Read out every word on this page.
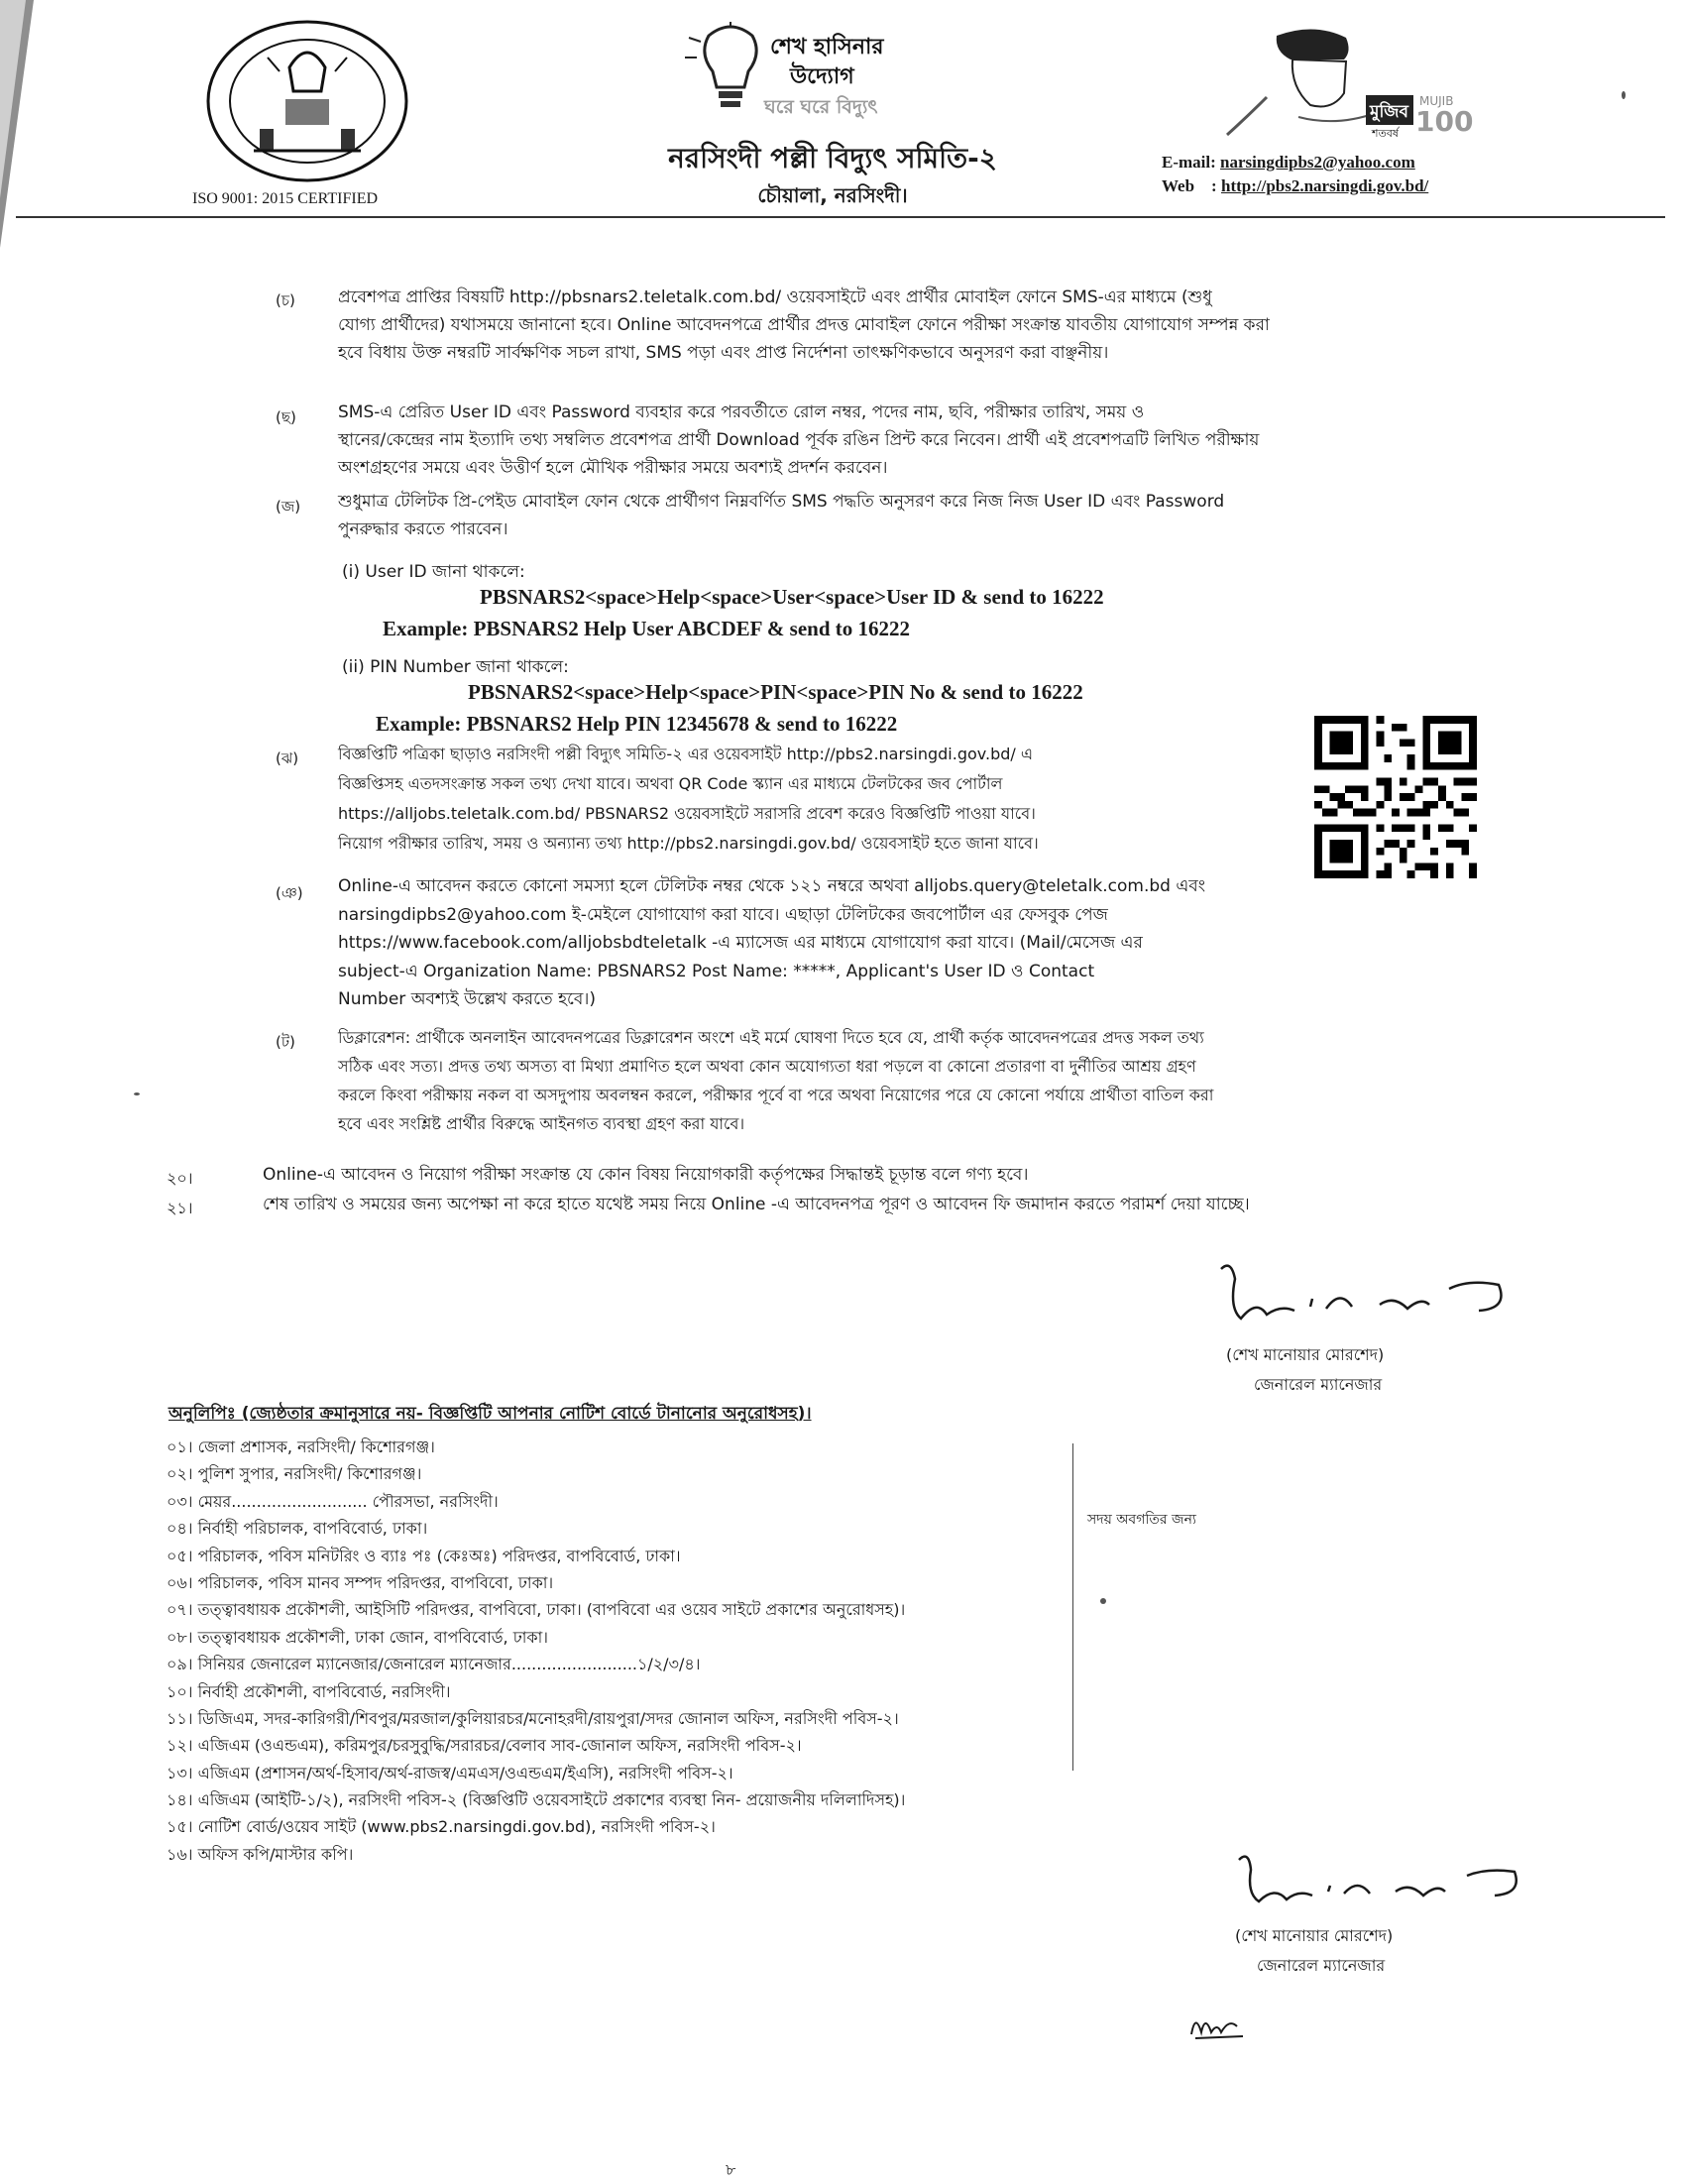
ISO 9001: 2015 CERTIFIED
শেখ হাসিনার
উদ্যোগ
ঘরে ঘরে বিদ্যুৎ
নরসিংদী পল্লী বিদ্যুৎ সমিতি-২
চৌয়ালা, নরসিংদী।
মুজিব
শতবর্ষ
MUJIB
100
E-mail: narsingdipbs2@yahoo.com
Web    : http://pbs2.narsingdi.gov.bd/
(চ)	প্রবেশপত্র প্রাপ্তির বিষয়টি http://pbsnars2.teletalk.com.bd/ ওয়েবসাইটে এবং প্রার্থীর মোবাইল ফোনে SMS-এর মাধ্যমে (শুধু

যোগ্য প্রার্থীদের) যথাসময়ে জানানো হবে। Online আবেদনপত্রে প্রার্থীর প্রদত্ত মোবাইল ফোনে পরীক্ষা সংক্রান্ত যাবতীয় যোগাযোগ সম্পন্ন করা

হবে বিধায় উক্ত নম্বরটি সার্বক্ষণিক সচল রাখা, SMS পড়া এবং প্রাপ্ত নির্দেশনা তাৎক্ষণিকভাবে অনুসরণ করা বাঞ্ছনীয়।

(ছ) SMS-এ প্রেরিত User ID এবং Password ব্যবহার করে পরবর্তীতে রোল নম্বর, পদের নাম, ছবি, পরীক্ষার তারিখ, সময় ও

স্থানের/কেন্দ্রের নাম ইত্যাদি তথ্য সম্বলিত প্রবেশপত্র প্রার্থী Download পূর্বক রঙিন প্রিন্ট করে নিবেন। প্রার্থী এই প্রবেশপত্রটি লিখিত পরীক্ষায়

অংশগ্রহণের সময়ে এবং উত্তীর্ণ হলে মৌখিক পরীক্ষার সময়ে অবশ্যই প্রদর্শন করবেন।

(জ) শুধুমাত্র টেলিটক প্রি-পেইড মোবাইল ফোন থেকে প্রার্থীগণ নিম্নবর্ণিত SMS পদ্ধতি অনুসরণ করে নিজ নিজ User ID এবং Password

পুনরুদ্ধার করতে পারবেন।

(i) User ID জানা থাকলে:
PBSNARS2<space>Help<space>User<space>User ID & send to 16222
Example: PBSNARS2 Help User ABCDEF & send to 16222
(ii) PIN Number জানা থাকলে:
PBSNARS2<space>Help<space>PIN<space>PIN No & send to 16222
Example: PBSNARS2 Help PIN 12345678 & send to 16222
(ঝ) বিজ্ঞপ্তিটি পত্রিকা ছাড়াও নরসিংদী পল্লী বিদ্যুৎ সমিতি-২ এর ওয়েবসাইট http://pbs2.narsingdi.gov.bd/ এ

বিজ্ঞপ্তিসহ এতদসংক্রান্ত সকল তথ্য দেখা যাবে। অথবা QR Code স্ক্যান এর মাধ্যমে টেলটকের জব পোর্টাল

https://alljobs.teletalk.com.bd/ PBSNARS2 ওয়েবসাইটে সরাসরি প্রবেশ করেও বিজ্ঞপ্তিটি পাওয়া যাবে।

নিয়োগ পরীক্ষার তারিখ, সময় ও অন্যান্য তথ্য http://pbs2.narsingdi.gov.bd/ ওয়েবসাইট হতে জানা যাবে।

(ঞ) Online-এ আবেদন করতে কোনো সমস্যা হলে টেলিটক নম্বর থেকে ১২১ নম্বরে অথবা alljobs.query@teletalk.com.bd এবং

narsingdipbs2@yahoo.com ই-মেইলে যোগাযোগ করা যাবে। এছাড়া টেলিটকের জবপোর্টাল এর ফেসবুক পেজ

https://www.facebook.com/alljobsbdteletalk -এ ম্যাসেজ এর মাধ্যমে যোগাযোগ করা যাবে। (Mail/মেসেজ এর

subject-এ Organization Name: PBSNARS2 Post Name: *****, Applicant's User ID ও Contact

Number অবশ্যই উল্লেখ করতে হবে।)

(ট)	ডিক্লারেশন: প্রার্থীকে অনলাইন আবেদনপত্রের ডিক্লারেশন অংশে এই মর্মে ঘোষণা দিতে হবে যে, প্রার্থী কর্তৃক আবেদনপত্রের প্রদত্ত সকল তথ্য

সঠিক এবং সত্য। প্রদত্ত তথ্য অসত্য বা মিথ্যা প্রমাণিত হলে অথবা কোন অযোগ্যতা ধরা পড়লে বা কোনো প্রতারণা বা দুর্নীতির আশ্রয় গ্রহণ

করলে কিংবা পরীক্ষায় নকল বা অসদুপায় অবলম্বন করলে, পরীক্ষার পূর্বে বা পরে অথবা নিয়োগের পরে যে কোনো পর্যায়ে প্রার্থীতা বাতিল করা

হবে এবং সংশ্লিষ্ট প্রার্থীর বিরুদ্ধে আইনগত ব্যবস্থা গ্রহণ করা যাবে।

২০।	Online-এ আবেদন ও নিয়োগ পরীক্ষা সংক্রান্ত যে কোন বিষয় নিয়োগকারী কর্তৃপক্ষের সিদ্ধান্তই চূড়ান্ত বলে গণ্য হবে।
২১।	শেষ তারিখ ও সময়ের জন্য অপেক্ষা না করে হাতে যথেষ্ট সময় নিয়ে Online -এ আবেদনপত্র পূরণ ও আবেদন ফি জমাদান করতে পরামর্শ দেয়া যাচ্ছে।
(শেখ মানোয়ার মোরশেদ)
জেনারেল ম্যানেজার
অনুলিপিঃ (জ্যেষ্ঠতার ক্রমানুসারে নয়- বিজ্ঞপ্তিটি আপনার নোটিশ বোর্ডে টানানোর অনুরোধসহ)।
০১। জেলা প্রশাসক, নরসিংদী/ কিশোরগঞ্জ।
০২। পুলিশ সুপার, নরসিংদী/ কিশোরগঞ্জ।
০৩। মেয়র........................... পৌরসভা, নরসিংদী।
০৪। নির্বাহী পরিচালক, বাপবিবোর্ড, ঢাকা।
০৫। পরিচালক, পবিস মনিটরিং ও ব্যাঃ পঃ (কেঃঅঃ) পরিদপ্তর, বাপবিবোর্ড, ঢাকা।
০৬। পরিচালক, পবিস মানব সম্পদ পরিদপ্তর, বাপবিবো, ঢাকা।
০৭। তত্ত্বাবধায়ক প্রকৌশলী, আইসিটি পরিদপ্তর, বাপবিবো, ঢাকা। (বাপবিবো এর ওয়েব সাইটে প্রকাশের অনুরোধসহ)।
০৮। তত্ত্বাবধায়ক প্রকৌশলী, ঢাকা জোন, বাপবিবোর্ড, ঢাকা।
০৯। সিনিয়র জেনারেল ম্যানেজার/জেনারেল ম্যানেজার.........................১/২/৩/৪।
১০। নির্বাহী প্রকৌশলী, বাপবিবোর্ড, নরসিংদী।
১১। ডিজিএম, সদর-কারিগরী/শিবপুর/মরজাল/কুলিয়ারচর/মনোহরদী/রায়পুরা/সদর জোনাল অফিস, নরসিংদী পবিস-২।
১২। এজিএম (ওএন্ডএম), করিমপুর/চরসুবুদ্ধি/সরারচর/বেলাব সাব-জোনাল অফিস, নরসিংদী পবিস-২।
১৩। এজিএম (প্রশাসন/অর্থ-হিসাব/অর্থ-রাজস্ব/এমএস/ওএন্ডএম/ইএসি), নরসিংদী পবিস-২।
১৪। এজিএম (আইটি-১/২), নরসিংদী পবিস-২ (বিজ্ঞপ্তিটি ওয়েবসাইটে প্রকাশের ব্যবস্থা নিন- প্রয়োজনীয় দলিলাদিসহ)।
১৫। নোটিশ বোর্ড/ওয়েব সাইট (www.pbs2.narsingdi.gov.bd), নরসিংদী পবিস-২।
১৬। অফিস কপি/মাস্টার কপি।
সদয় অবগতির জন্য
(শেখ মানোয়ার মোরশেদ)
জেনারেল ম্যানেজার
৮
